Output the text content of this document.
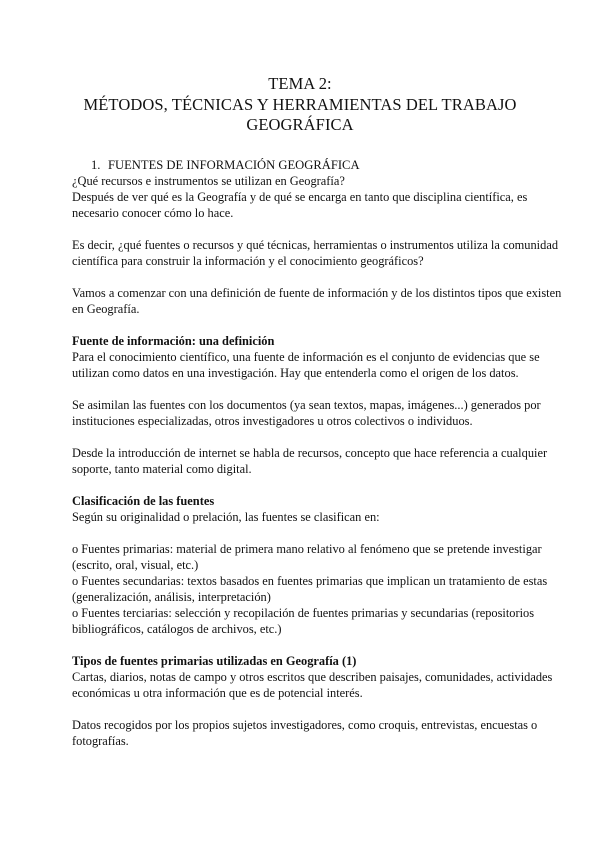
TEMA 2:
MÉTODOS, TÉCNICAS Y HERRAMIENTAS DEL TRABAJO
GEOGRÁFICA
1. FUENTES DE INFORMACIÓN GEOGRÁFICA

¿Qué recursos e instrumentos se utilizan en Geografía?

Después de ver qué es la Geografía y de qué se encarga en tanto que disciplina científica, es necesario conocer cómo lo hace.

Es decir, ¿qué fuentes o recursos y qué técnicas, herramientas o instrumentos utiliza la comunidad científica para construir la información y el conocimiento geográficos?

Vamos a comenzar con una definición de fuente de información y de los distintos tipos que existen en Geografía.

Fuente de información: una definición

Para el conocimiento científico, una fuente de información es el conjunto de evidencias que se utilizan como datos en una investigación. Hay que entenderla como el origen de los datos.

Se asimilan las fuentes con los documentos (ya sean textos, mapas, imágenes...) generados por instituciones especializadas, otros investigadores u otros colectivos o individuos.

Desde la introducción de internet se habla de recursos, concepto que hace referencia a cualquier soporte, tanto material como digital.

Clasificación de las fuentes

Según su originalidad o prelación, las fuentes se clasifican en:

o Fuentes primarias: material de primera mano relativo al fenómeno que se pretende investigar (escrito, oral, visual, etc.)

o Fuentes secundarias: textos basados en fuentes primarias que implican un tratamiento de estas (generalización, análisis, interpretación)

o Fuentes terciarias: selección y recopilación de fuentes primarias y secundarias (repositorios bibliográficos, catálogos de archivos, etc.)

Tipos de fuentes primarias utilizadas en Geografía (1)

Cartas, diarios, notas de campo y otros escritos que describen paisajes, comunidades, actividades económicas u otra información que es de potencial interés.

Datos recogidos por los propios sujetos investigadores, como croquis, entrevistas, encuestas o fotografías.
